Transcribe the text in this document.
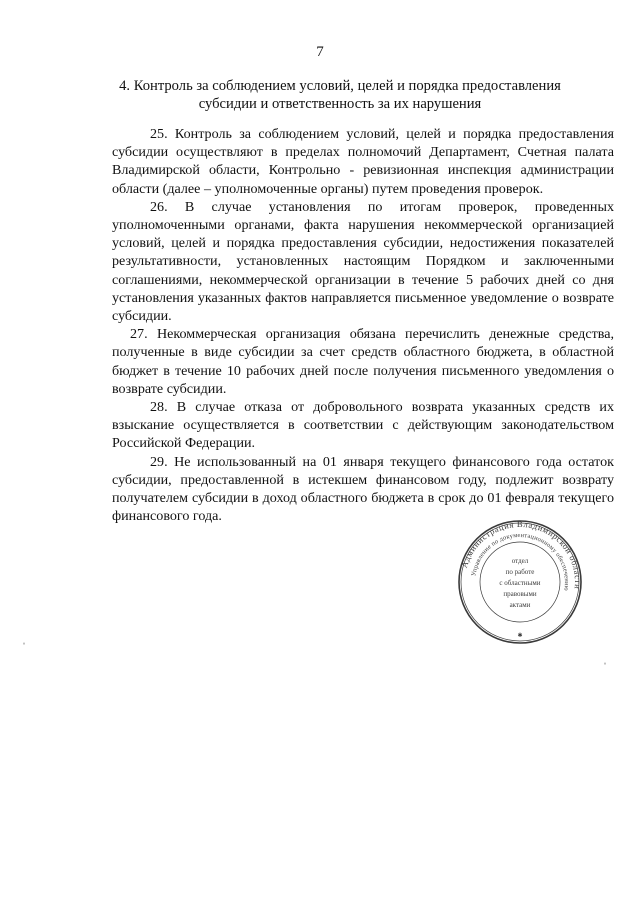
7
4. Контроль за соблюдением условий, целей и порядка предоставления субсидии и ответственность за их нарушения

25. Контроль за соблюдением условий, целей и порядка предоставления субсидии осуществляют в пределах полномочий Департамент, Счетная палата Владимирской области, Контрольно - ревизионная инспекция администрации области (далее – уполномоченные органы) путем проведения проверок.

26. В случае установления по итогам проверок, проведенных уполномоченными органами, факта нарушения некоммерческой организацией условий, целей и порядка предоставления субсидии, недостижения показателей результативности, установленных настоящим Порядком и заключенными соглашениями, некоммерческой организации в течение 5 рабочих дней со дня установления указанных фактов направляется письменное уведомление о возврате субсидии.

27. Некоммерческая организация обязана перечислить денежные средства, полученные в виде субсидии за счет средств областного бюджета, в областной бюджет в течение 10 рабочих дней после получения письменного уведомления о возврате субсидии.

28. В случае отказа от добровольного возврата указанных средств их взыскание осуществляется в соответствии с действующим законодательством Российской Федерации.

29. Не использованный на 01 января текущего финансового года остаток субсидии, предоставленной в истекшем финансовом году, подлежит возврату получателем субсидии в доход областного бюджета в срок до 01 февраля текущего финансового года.

Администрация Владимирской области
Управление по документационному обеспечению
отдел
по работе
с областными
правовыми
актами
✱
ˈ
ˈ
